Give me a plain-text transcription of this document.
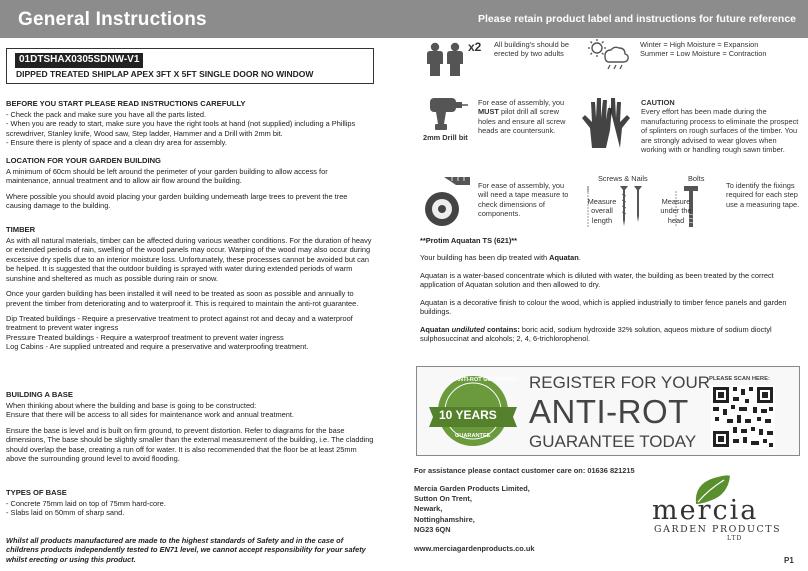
General Instructions	Please retain product label and instructions for future reference
01DTSHAX0305SDNW-V1
DIPPED TREATED SHIPLAP APEX 3FT X 5FT SINGLE DOOR NO WINDOW
BEFORE YOU START PLEASE READ INSTRUCTIONS CAREFULLY

- Check the pack and make sure you have all the parts listed.
- When you are ready to start, make sure you have the right tools at hand (not supplied) including a Phillips screwdriver, Stanley knife, Wood saw, Step ladder, Hammer and a Drill with 2mm bit.
- Ensure there is plenty of space and a clean dry area for assembly.

LOCATION FOR YOUR GARDEN BUILDING

A minimum of 60cm should be left around the perimeter of your garden building to allow access for maintenance, annual treatment and to allow air flow around the building.

Where possible you should avoid placing your garden building underneath large trees to prevent the tree causing damage to the building.

TIMBER

As with all natural materials, timber can be affected during various weather conditions. For the duration of heavy or extended periods of rain, swelling of the wood panels may occur. Warping of the wood may also occur during excessive dry spells due to an interior moisture loss. Unfortunately, these processes cannot be avoided but can be helped. It is suggested that the outdoor building is sprayed with water during extended periods of warm sunshine and sheltered as much as possible during rain or snow.

Once your garden building has been installed it will need to be treated as soon as possible and annually to prevent the timber from deteriorating and to waterproof it. This is required to maintain the anti-rot guarantee.

Dip Treated buildings - Require a preservative treatment to protect against rot and decay and a waterproof treatment to prevent water ingress
Pressure Treated buildings - Require a waterproof treatment to prevent water ingress
Log Cabins - Are supplied untreated and require a preservative and waterproofing treatment.

BUILDING A BASE

When thinking about where the building and base is going to be constructed:
Ensure that there will be access to all sides for maintenance work and annual treatment.

Ensure the base is level and is built on firm ground, to prevent distortion. Refer to diagrams for the base dimensions, The base should be slightly smaller than the external measurement of the building, i.e. The cladding should overlap the base, creating a run off for water. It is also recommended that the floor be at least 25mm above the surrounding ground level to avoid flooding.

TYPES OF BASE

- Concrete 75mm laid on top of 75mm hard-core.
- Slabs laid on 50mm of sharp sand.

Whilst all products manufactured are made to the highest standards of Safety and in the case of childrens products independently tested to EN71 level, we cannot accept responsibility for your safety whilst erecting or using this product.
x2 All building's should be erected by two adults
Winter = High Moisture = Expansion
Summer = Low Moisture = Contraction
2mm Drill bit
For ease of assembly, you MUST pilot drill all screw holes and ensure all screw heads are countersunk.
CAUTION
Every effort has been made during the manufacturing process to eliminate the prospect of splinters on rough surfaces of the timber. You are strongly advised to wear gloves when working with or handling rough sawn timber.
For ease of assembly, you will need a tape measure to check dimensions of components.
Screws & Nails	Bolts
Measure overall length
Measure under the head
To identify the fixings required for each step use a measuring tape.

**Protim Aquatan TS (621)**

Your building has been dip treated with Aquatan.

Aquatan is a water-based concentrate which is diluted with water, the building as been treated by the correct application of Aquatan solution and then allowed to dry.

Aquatan is a decorative finish to colour the wood, which is applied industrially to timber fence panels and garden buildings.

Aquatan undiluted contains: boric acid, sodium hydroxide 32% solution, aqueos mixture of sodium dioctyl sulphosuccinat and alcohols; 2, 4, 6-trichlorophenol.

ANTI-ROT GUARANTEE
10 YEARS
GUARANTEE
REGISTER FOR YOUR
ANTI-ROT
GUARANTEE TODAY
PLEASE SCAN HERE:
For assistance please contact customer care on: 01636 821215
Mercia Garden Products Limited,
Sutton On Trent,
Newark,
Nottinghamshire,
NG23 6QN
www.merciagardenproducts.co.uk
mercia
GARDEN PRODUCTS
LTD
P1
